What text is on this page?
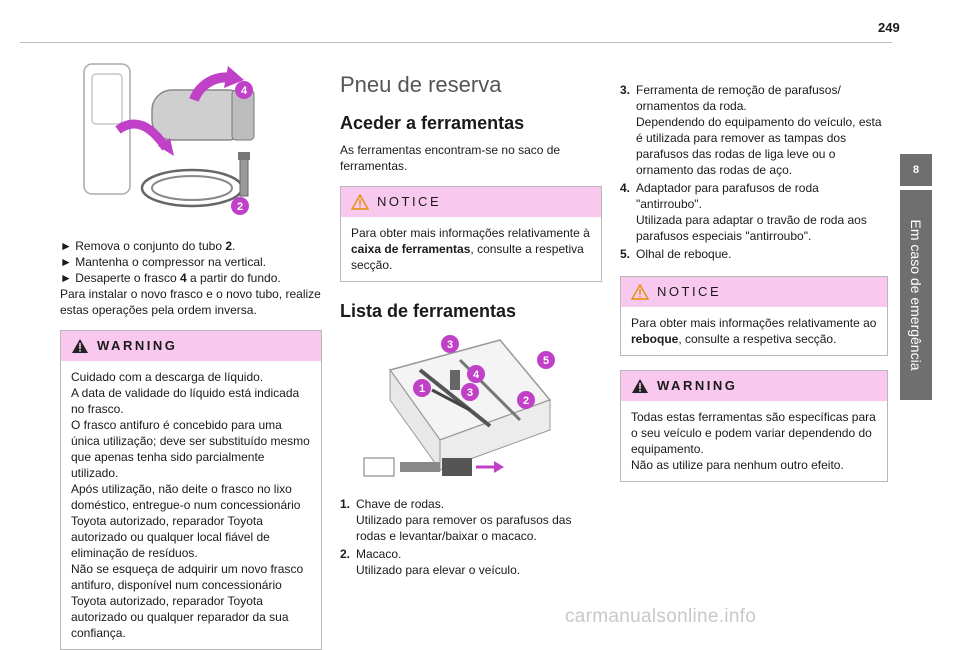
249
8
Em caso de emergência
4
2
► Remova o conjunto do tubo 2.
► Mantenha o compressor na vertical.
► Desaperte o frasco 4 a partir do fundo.

Para instalar o novo frasco e o novo tubo, realize estas operações pela ordem inversa.

WARNING
Cuidado com a descarga de líquido.
A data de validade do líquido está indicada no frasco.
O frasco antifuro é concebido para uma única utilização; deve ser substituído mesmo que apenas tenha sido parcialmente utilizado.
Após utilização, não deite o frasco no lixo doméstico, entregue-o num concessionário Toyota autorizado, reparador Toyota autorizado ou qualquer local fiável de eliminação de resíduos.
Não se esqueça de adquirir um novo frasco antifuro, disponível num concessionário Toyota autorizado, reparador Toyota autorizado ou qualquer reparador da sua confiança.
Pneu de reserva
Aceder a ferramentas

As ferramentas encontram-se no saco de ferramentas.

NOTICE
Para obter mais informações relativamente à caixa de ferramentas, consulte a respetiva secção.
Lista de ferramentas
3
4
1	3
2
5
1. Chave de rodas.
Utilizado para remover os parafusos das rodas e levantar/baixar o macaco.
2. Macaco.
Utilizado para elevar o veículo.
3. Ferramenta de remoção de parafusos/ ornamentos da roda.
Dependendo do equipamento do veículo, esta é utilizada para remover as tampas dos parafusos das rodas de liga leve ou o ornamento das rodas de aço.
4. Adaptador para parafusos de roda "antirroubo".
Utilizada para adaptar o travão de roda aos parafusos especiais "antirroubo".
5. Olhal de reboque.
NOTICE
Para obter mais informações relativamente ao reboque, consulte a respetiva secção.
WARNING
Todas estas ferramentas são específicas para o seu veículo e podem variar dependendo do equipamento.
Não as utilize para nenhum outro efeito.
carmanualsonline.info
